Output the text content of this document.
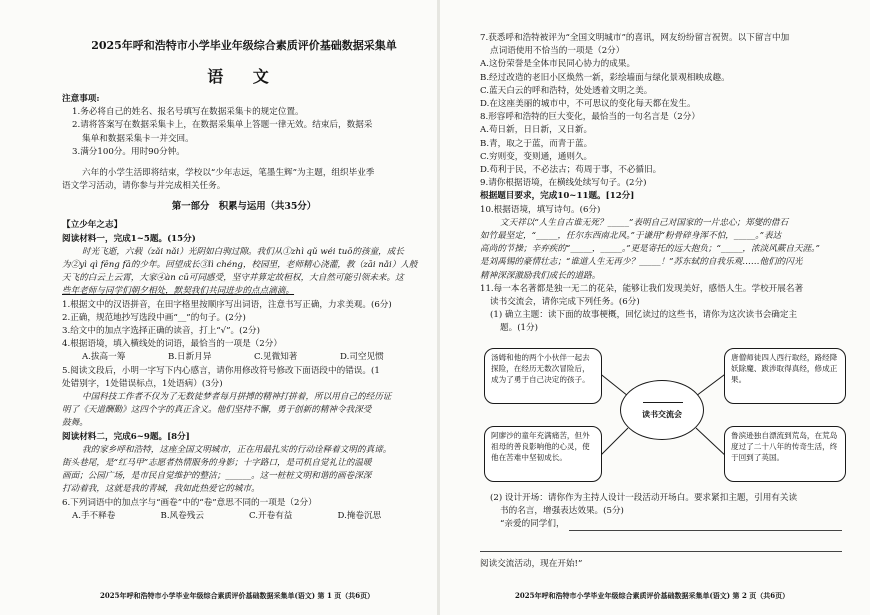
2025年呼和浩特市小学毕业年级综合素质评价基础数据采集单
语 文
注意事项:
1.务必将自己的姓名、报名号填写在数据采集卡的规定位置。
2.请将答案写在数据采集卡上，在数据采集单上答题一律无效。结束后，数据采
集单和数据采集卡一并交回。
3.满分100分。用时90分钟。
六年的小学生活即将结束，学校以“少年志远，笔墨生辉”为主题，组织毕业季
语文学习活动，请你参与并完成相关任务。
第一部分　积累与运用（共35分）
【立少年之志】
阅读材料一，完成1~5题。(15分)
时光飞逝，六载（zǎi nǎi）光阴如白驹过隙。我们从①zhì qǔ wéi tuō的孩童，成长
为②yì qì fēng fā的少年。回望成长③lì chéng，校园里，老师精心浇灌，教（zāi nǎi）人般
天飞的白云上云霄，大家④àn cū可同感受，坚守并算定故桓权，大自然可能引领未来。这
些年老师与同学们朝夕相处，默契我们共同进步的点点滴滴。
1.根据文中的汉语拼音，在田字格里按顺序写出词语，注意书写正确，力求美观。(6分)
2.正确，规范地抄写选段中画“__”的句子。(2分)
3.给文中的加点字选择正确的读音，打上“√”。(2分)
4.根据语境，填入横线处的词语，最恰当的一项是（2分）
A.拔高一筹	B.日新月异	C.见微知著	D.司空见惯
5.阅读文段后，小明一字写下内心感言，请你用修改符号修改下面语段中的错误。(1
处错别字，1处错误标点，1处语病）(3分)
中国科技工作者不仅为了无数徒梦者每月拼搏的精神打拼着，所以用自己的经历证
明了《天道酬勤》这四个字的真正含义。他们坚持不懈，勇于创新的精神令我深受
鼓舞。
阅读材料二，完成6~9题。[8分]
我的家乡呼和浩特，这座全国文明城市，正在用最扎实的行动诠释着文明的真谛。
街头巷尾，是“红马甲”志愿者热情服务的身影；十字路口，是司机自觉礼让的温暖
画面；公园广场，是市民自觉维护的整洁；______。这一桩桩文明和谐的画卷深深
打动着我，这就是我的青城，我如此热爱它的城市。
6.下列词语中的加点字与“画卷”中的“卷”意思不同的一项是（2分）
A.手不释卷	B.风卷残云	C.开卷有益	D.掩卷沉思
2025年呼和浩特市小学毕业年级综合素质评价基础数据采集单(语文) 第 1 页（共6页）
7.获悉呼和浩特被评为“全国文明城市”的喜讯，网友纷纷留言祝贺。以下留言中加
点词语使用不恰当的一项是（2分）
A.这份荣誉是全体市民同心协力的成果。
B.经过改造的老旧小区焕然一新，彩绘墙面与绿化景观相映成趣。
C.蓝天白云的呼和浩特，处处透着文明之美。
D.在这座美丽的城市中，不可思议的变化每天都在发生。
8.形容呼和浩特的巨大变化，最恰当的一句名言是（2分）
A.苟日新，日日新，又日新。
B.青，取之于蓝，而青于蓝。
C.穷则变，变则通，通则久。
D.苟利于民，不必法古；苟周于事，不必循旧。
9.请你根据语境，在横线处续写句子。(2分)
根据题目要求，完成10~11题。[12分]
10.根据语境，填写诗句。(6分)
文天祥以“人生自古谁无死？_____”表明自己对国家的一片忠心；郑燮的借石
如竹最坚定，“_____，任尔东西南北风。”于谦用“粉骨碎身浑不怕，_____。”表达
高尚的节操；辛弃疾的“_____，_____。”更是寄托的远大抱负；“_____，浓淡风蕨自天涯。”
是刘禹锡的豪情壮志；“谁道人生无再少？_____！”苏东轼的自我乐观……他们的闪光
精神深深激励我们成长的道路。
11.每一本名著都是独一无二的花朵，能够让我们发现美好，感悟人生。学校开展名著
读书交流会，请你完成下列任务。(6分)
(1) 确立主题：读下面的故事梗概，回忆读过的这些书，请你为这次读书会确定主
题。(1分)
汤姆和他的两个小伙伴一起去探险，在经历无数次冒险后，成为了勇于自己决定的孩子。
唐僧师徒四人西行取经，路经降妖除魔、跋涉取得真经，修成正果。
阿廖沙的童年充满痛苦，但外祖母的善良影响他的心灵，使他在苦难中坚韧成长。
鲁滨逊独自漂流到荒岛，在荒岛度过了二十八年的传奇生活，终于回到了英国。
读书交流会
(2) 设计开场：请你作为主持人设计一段活动开场白。要求紧扣主题，引用有关读
书的名言，增强表达效果。(5分)
“亲爱的同学们，
阅读交流活动，现在开始!”
2025年呼和浩特市小学毕业年级综合素质评价基础数据采集单(语文) 第 2 页（共6页）
